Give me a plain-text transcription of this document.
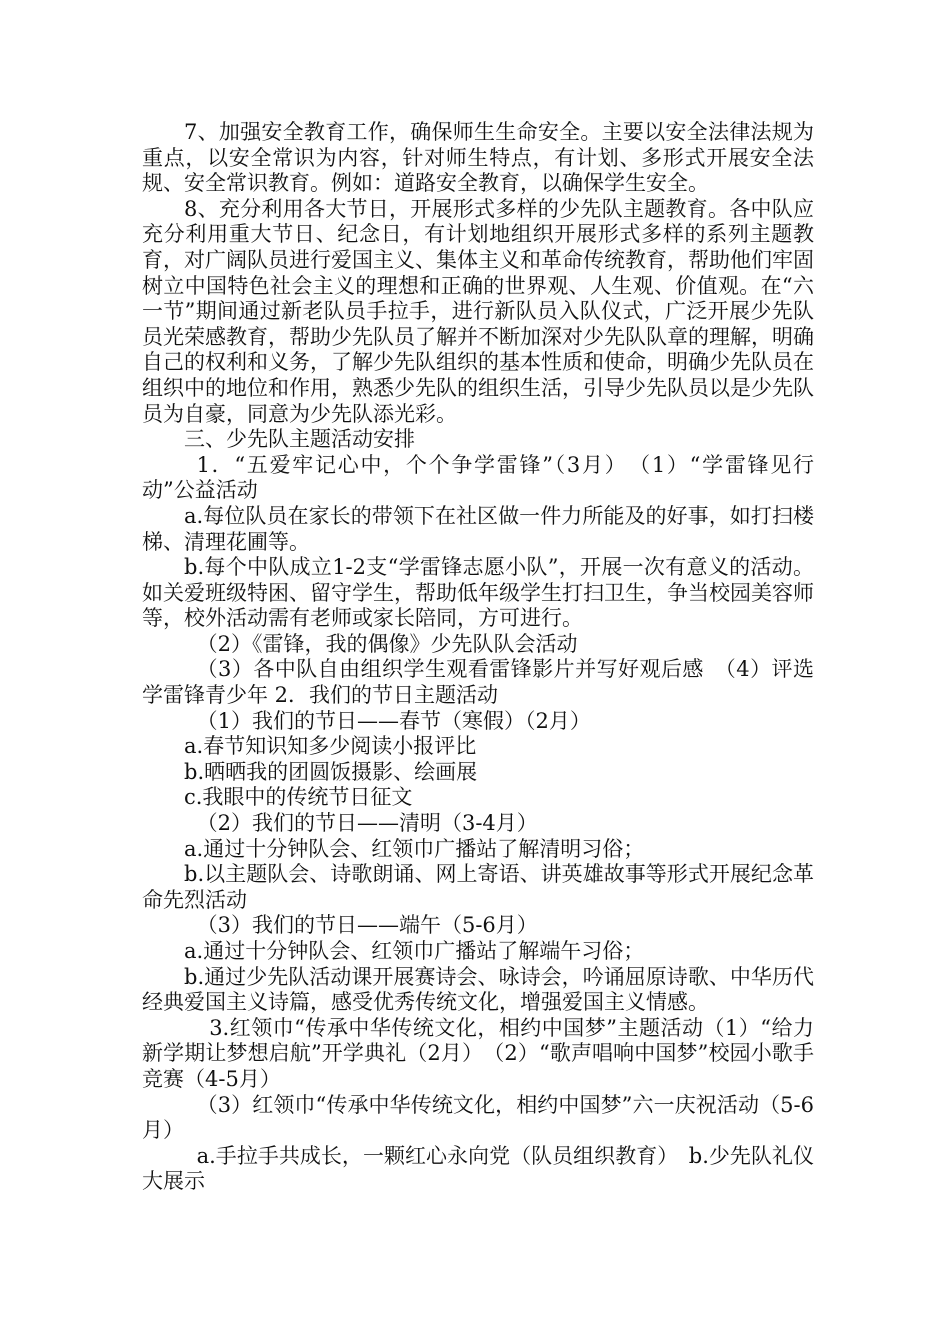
7、加强安全教育工作，确保师生生命安全。主要以安全法律法规为重点，以安全常识为内容，针对师生特点，有计划、多形式开展安全法规、安全常识教育。例如：道路安全教育，以确保学生安全。

8、充分利用各大节日，开展形式多样的少先队主题教育。各中队应充分利用重大节日、纪念日，有计划地组织开展形式多样的系列主题教育，对广阔队员进行爱国主义、集体主义和革命传统教育，帮助他们牢固树立中国特色社会主义的理想和正确的世界观、人生观、价值观。在“六一节”期间通过新老队员手拉手，进行新队员入队仪式，广泛开展少先队员光荣感教育，帮助少先队员了解并不断加深对少先队队章的理解，明确自己的权利和义务，了解少先队组织的基本性质和使命，明确少先队员在组织中的地位和作用，熟悉少先队的组织生活，引导少先队员以是少先队员为自豪，同意为少先队添光彩。

三、少先队主题活动安排

1．“五爱牢记心中，个个争学雷锋”（3月）　（1）“学雷锋见行动”公益活动

a.每位队员在家长的带领下在社区做一件力所能及的好事，如打扫楼梯、清理花圃等。

b.每个中队成立1-2支“学雷锋志愿小队”，开展一次有意义的活动。如关爱班级特困、留守学生，帮助低年级学生打扫卫生，争当校园美容师等，校外活动需有老师或家长陪同，方可进行。

（2）《雷锋，我的偶像》少先队队会活动

（3）各中队自由组织学生观看雷锋影片并写好观后感　（4）评选学雷锋青少年 2．我们的节日主题活动

（1）我们的节日——春节（寒假）（2月）

a.春节知识知多少阅读小报评比

b.晒晒我的团圆饭摄影、绘画展

c.我眼中的传统节日征文

（2）我们的节日——清明（3-4月）

a.通过十分钟队会、红领巾广播站了解清明习俗；

b.以主题队会、诗歌朗诵、网上寄语、讲英雄故事等形式开展纪念革命先烈活动

（3）我们的节日——端午（5-6月）

a.通过十分钟队会、红领巾广播站了解端午习俗；

b.通过少先队活动课开展赛诗会、咏诗会，吟诵屈原诗歌、中华历代经典爱国主义诗篇，感受优秀传统文化，增强爱国主义情感。

3.红领巾“传承中华传统文化，相约中国梦”主题活动（1）“给力新学期让梦想启航”开学典礼（2月）　（2）“歌声唱响中国梦”校园小歌手竞赛（4-5月）

（3）红领巾“传承中华传统文化，相约中国梦”六一庆祝活动（5-6月）

a.手拉手共成长，一颗红心永向党（队员组织教育）　b.少先队礼仪大展示
